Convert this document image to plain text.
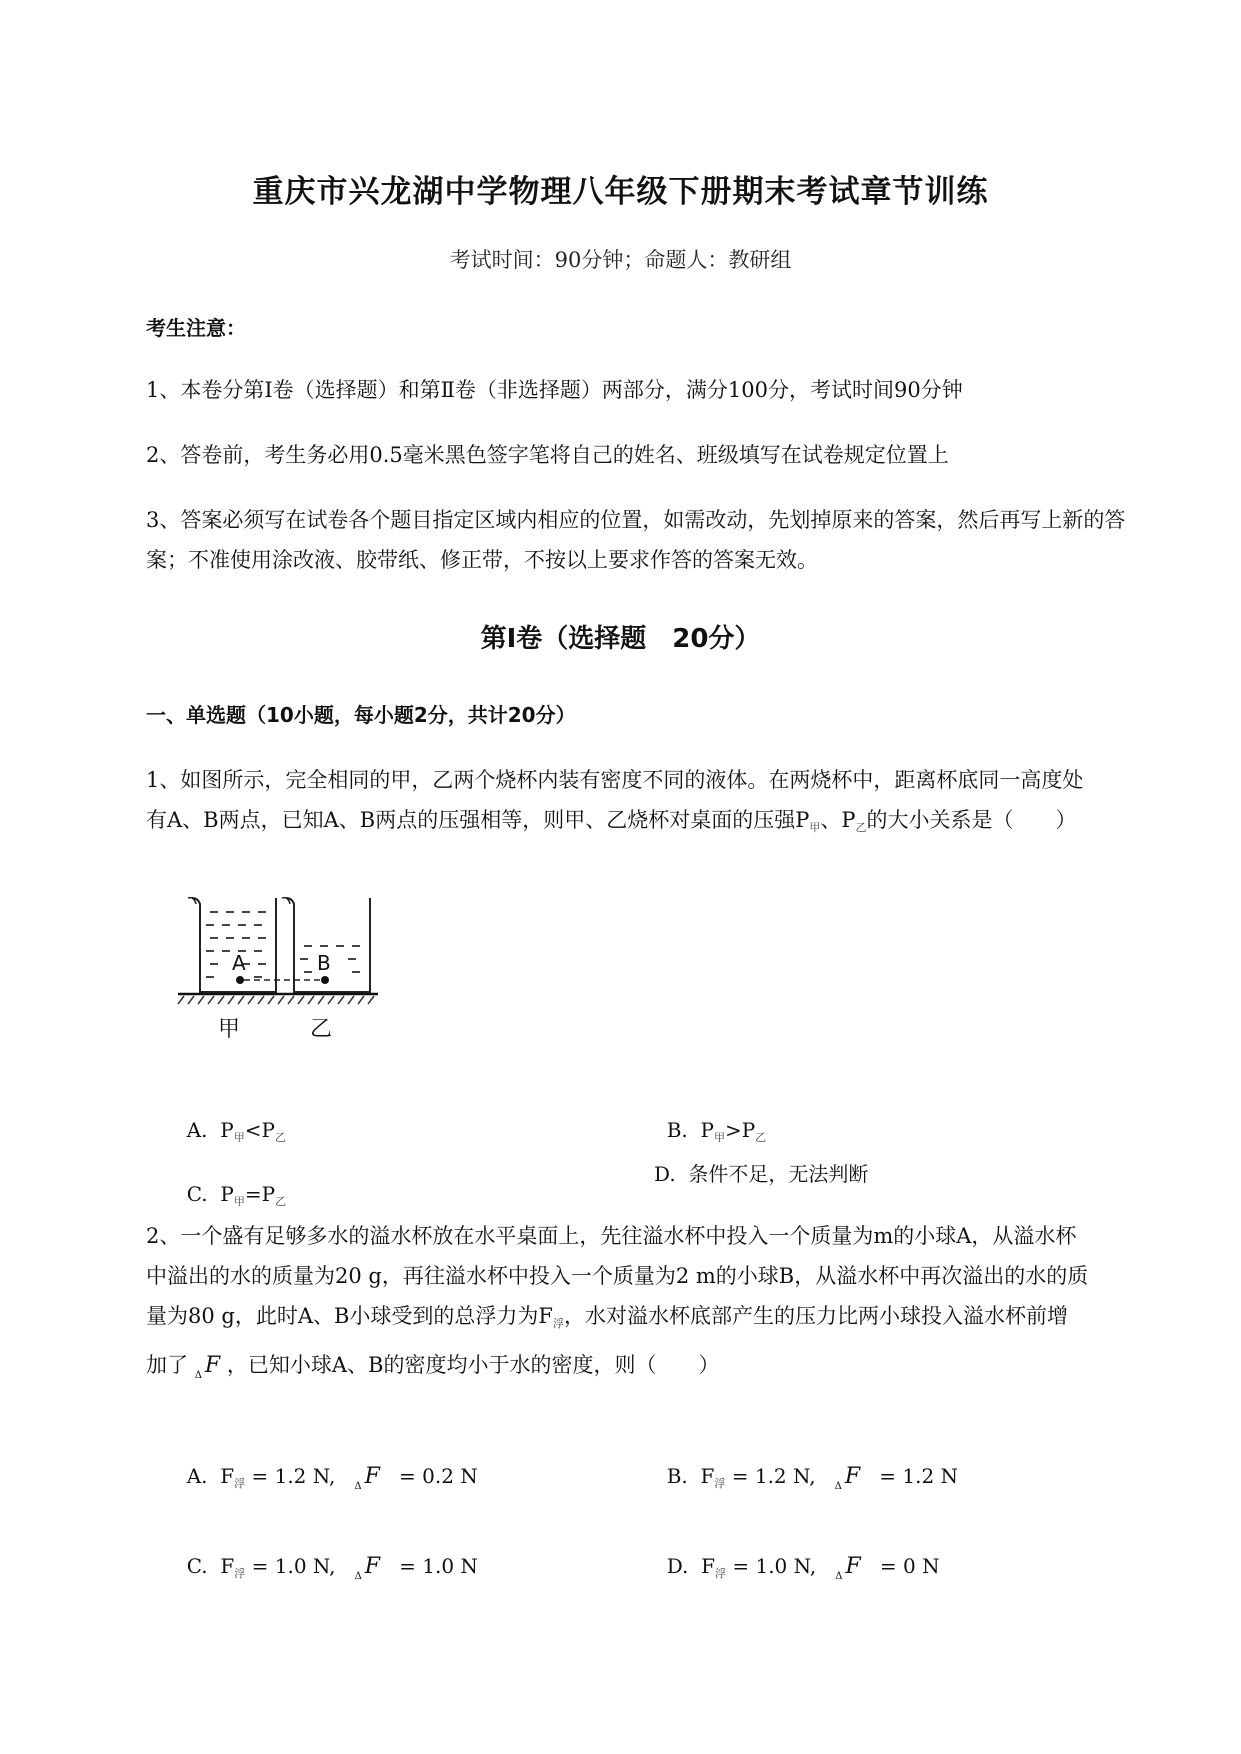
重庆市兴龙湖中学物理八年级下册期末考试章节训练
考试时间：90分钟；命题人：教研组
考生注意：
1、本卷分第I卷（选择题）和第Ⅱ卷（非选择题）两部分，满分100分，考试时间90分钟
2、答卷前，考生务必用0.5毫米黑色签字笔将自己的姓名、班级填写在试卷规定位置上
3、答案必须写在试卷各个题目指定区域内相应的位置，如需改动，先划掉原来的答案，然后再写上新的答案；不准使用涂改液、胶带纸、修正带，不按以上要求作答的答案无效。
第I卷（选择题　20分）
一、单选题（10小题，每小题2分，共计20分）
1、如图所示，完全相同的甲，乙两个烧杯内装有密度不同的液体。在两烧杯中，距离杯底同一高度处
有A、B两点，已知A、B两点的压强相等，则甲、乙烧杯对桌面的压强$P_甲$、$P_乙$的大小关系是（　　）
A	B
甲	乙

A.  $P_甲<P_乙$	B.  $P_甲>P_乙$

C.  $P_甲=P_乙$

D.  条件不足，无法判断
2、一个盛有足够多水的溢水杯放在水平桌面上，先往溢水杯中投入一个质量为m的小球A，从溢水杯
中溢出的水的质量为20 g，再往溢水杯中投入一个质量为2 m的小球B，从溢水杯中再次溢出的水的质
量为80 g，此时A、B小球受到的总浮力为$F_浮$，水对溢水杯底部产生的压力比两小球投入溢水杯前增
加了 $_\Delta$ F ，已知小球A、B的密度均小于水的密度，则（　　）

A.  $F_浮 = 1.2$ N,   $_\Delta$ F   = 0.2 N	B.  $F_浮 = 1.2$ N,   $_\Delta$ F   = 1.2 N

C.  $F_浮 = 1.0$ N,   $_\Delta$ F   = 1.0 N	D.  $F_浮 = 1.0$ N,   $_\Delta$ F   = 0 N
